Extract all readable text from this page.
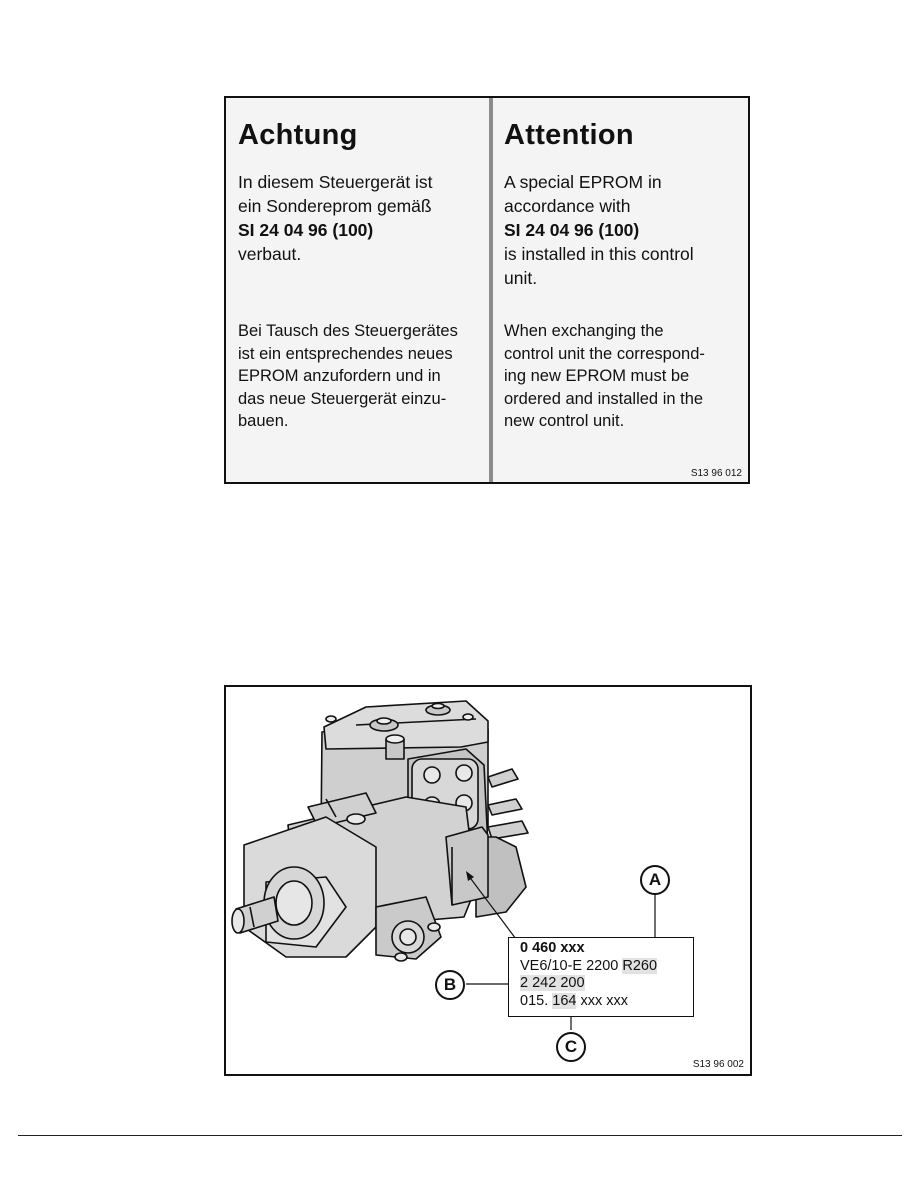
Achtung

In diesem Steuergerät ist
ein Sondereprom gemäß
SI 24 04 96 (100)
verbaut.

Bei Tausch des Steuergerätes
ist ein entsprechendes neues
EPROM anzufordern und in
das neue Steuergerät einzu-
bauen.

Attention

A special EPROM in
accordance with
SI 24 04 96 (100)
is installed in this control
unit.

When exchanging the
control unit the correspond-
ing new EPROM must be
ordered and installed in the
new control unit.

S13 96 012
0 460 xxx
VE6/10-E 2200 R260
2 242 200
015. 164 xxx xxx
A
B
C
S13 96 002
